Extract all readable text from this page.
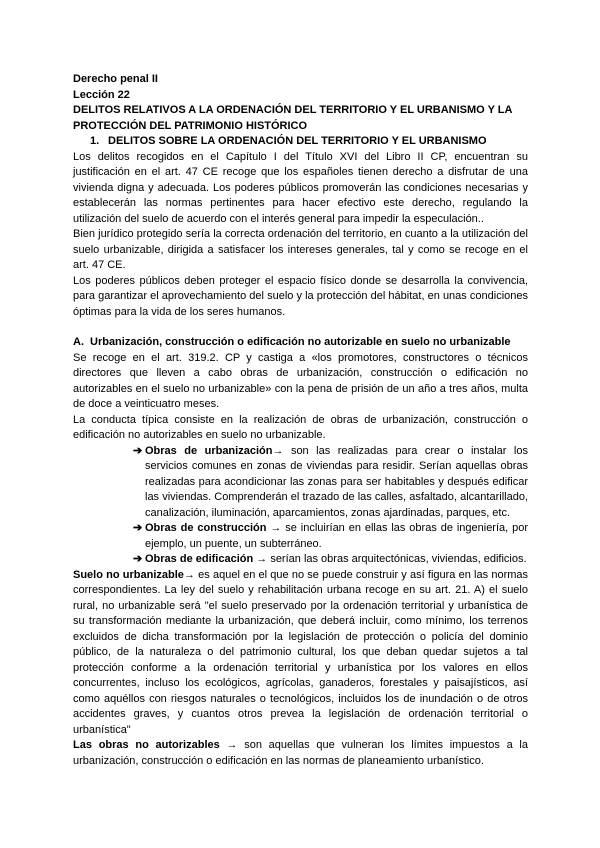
Derecho penal II
Lección 22
DELITOS RELATIVOS A LA ORDENACIÓN DEL TERRITORIO Y EL URBANISMO Y LA PROTECCIÓN DEL PATRIMONIO HISTÓRICO
1. DELITOS SOBRE LA ORDENACIÓN DEL TERRITORIO Y EL URBANISMO

Los delitos recogidos en el Capítulo I del Título XVI del Libro II CP, encuentran su justificación en el art. 47 CE recoge que los españoles tienen derecho a disfrutar de una vivienda digna y adecuada. Los poderes públicos promoverán las condiciones necesarias y establecerán las normas pertinentes para hacer efectivo este derecho, regulando la utilización del suelo de acuerdo con el interés general para impedir la especulación..

Bien jurídico protegido sería la correcta ordenación del territorio, en cuanto a la utilización del suelo urbanizable, dirigida a satisfacer los intereses generales, tal y como se recoge en el art. 47 CE.

Los poderes públicos deben proteger el espacio físico donde se desarrolla la convivencia, para garantizar el aprovechamiento del suelo y la protección del hábitat, en unas condiciones óptimas para la vida de los seres humanos.

A. Urbanización, construcción o edificación no autorizable en suelo no urbanizable

Se recoge en el art. 319.2. CP y castiga a «los promotores, constructores o técnicos directores que lleven a cabo obras de urbanización, construcción o edificación no autorizables en el suelo no urbanizable» con la pena de prisión de un año a tres años, multa de doce a veinticuatro meses.

La conducta típica consiste en la realización de obras de urbanización, construcción o edificación no autorizables en suelo no urbanizable.

➔ Obras de urbanización→ son las realizadas para crear o instalar los servicios comunes en zonas de viviendas para residir. Serían aquellas obras realizadas para acondicionar las zonas para ser habitables y después edificar las viviendas. Comprenderán el trazado de las calles, asfaltado, alcantarillado, canalización, iluminación, aparcamientos, zonas ajardinadas, parques, etc.
➔ Obras de construcción → se incluirían en ellas las obras de ingeniería, por ejemplo, un puente, un subterráneo.
➔ Obras de edificación → serían las obras arquitectónicas, viviendas, edificios.

Suelo no urbanizable→ es aquel en el que no se puede construir y así figura en las normas correspondientes. La ley del suelo y rehabilitación urbana recoge en su art. 21. A) el suelo rural, no urbanizable será "el suelo preservado por la ordenación territorial y urbanística de su transformación mediante la urbanización, que deberá incluir, como mínimo, los terrenos excluidos de dicha transformación por la legislación de protección o policía del dominio público, de la naturaleza o del patrimonio cultural, los que deban quedar sujetos a tal protección conforme a la ordenación territorial y urbanística por los valores en ellos concurrentes, incluso los ecológicos, agrícolas, ganaderos, forestales y paisajísticos, así como aquéllos con riesgos naturales o tecnológicos, incluidos los de inundación o de otros accidentes graves, y cuantos otros prevea la legislación de ordenación territorial o urbanística"

Las obras no autorizables → son aquellas que vulneran los límites impuestos a la urbanización, construcción o edificación en las normas de planeamiento urbanístico.
